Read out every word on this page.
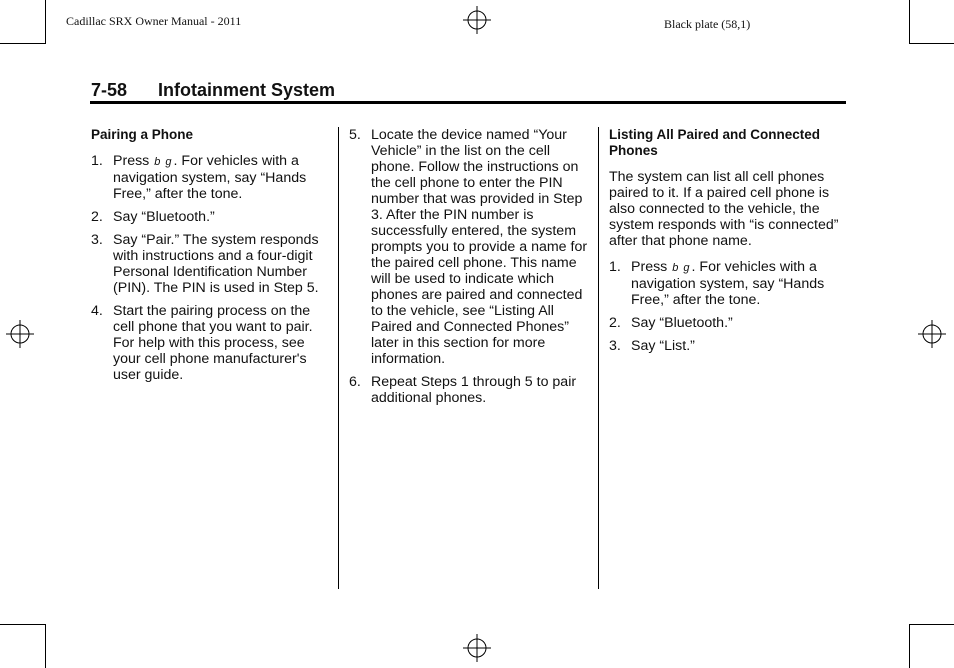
Cadillac SRX Owner Manual - 2011	Black plate (58,1)
7-58 Infotainment System
Pairing a Phone
1. Press b g. For vehicles with a navigation system, say “Hands Free,” after the tone.
2. Say “Bluetooth.”
3. Say “Pair.” The system responds with instructions and a four-digit Personal Identification Number (PIN). The PIN is used in Step 5.
4. Start the pairing process on the cell phone that you want to pair. For help with this process, see your cell phone manufacturer's user guide.
5. Locate the device named “Your Vehicle” in the list on the cell phone. Follow the instructions on the cell phone to enter the PIN number that was provided in Step 3. After the PIN number is successfully entered, the system prompts you to provide a name for the paired cell phone. This name will be used to indicate which phones are paired and connected to the vehicle, see “Listing All Paired and Connected Phones” later in this section for more information.
6. Repeat Steps 1 through 5 to pair additional phones.
Listing All Paired and Connected Phones
The system can list all cell phones paired to it. If a paired cell phone is also connected to the vehicle, the system responds with “is connected” after that phone name.
1. Press b g. For vehicles with a navigation system, say “Hands Free,” after the tone.
2. Say “Bluetooth.”
3. Say “List.”
